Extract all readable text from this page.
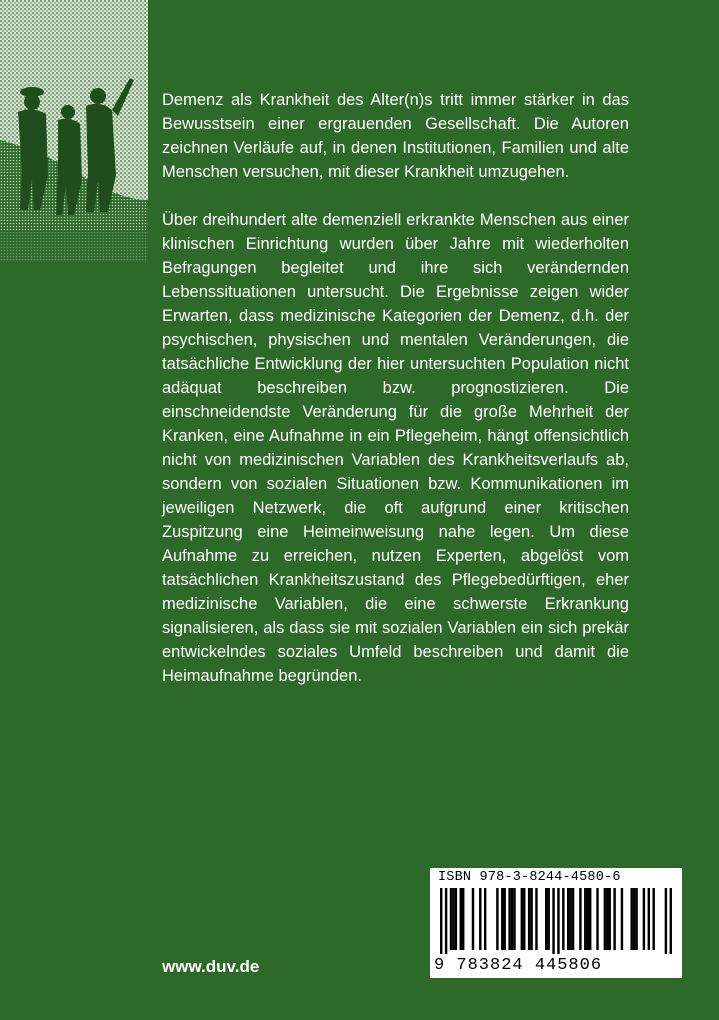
Demenz als Krankheit des Alter(n)s tritt immer stärker in das Bewusstsein einer ergrauenden Gesellschaft. Die Autoren zeichnen Verläufe auf, in denen Institutionen, Familien und alte Menschen versuchen, mit dieser Krankheit umzugehen.

Über dreihundert alte demenziell erkrankte Menschen aus einer klinischen Einrichtung wurden über Jahre mit wiederholten Befragungen begleitet und ihre sich verändernden Lebenssituationen untersucht. Die Ergebnisse zeigen wider Erwarten, dass medizinische Kategorien der Demenz, d.h. der psychischen, physischen und mentalen Veränderungen, die tatsächliche Entwicklung der hier untersuchten Population nicht adäquat beschreiben bzw. prognostizieren. Die einschneidendste Veränderung für die große Mehrheit der Kranken, eine Aufnahme in ein Pflegeheim, hängt offensichtlich nicht von medizinischen Variablen des Krankheitsverlaufs ab, sondern von sozialen Situationen bzw. Kommunikationen im jeweiligen Netzwerk, die oft aufgrund einer kritischen Zuspitzung eine Heimeinweisung nahe legen. Um diese Aufnahme zu erreichen, nutzen Experten, abgelöst vom tatsächlichen Krankheitszustand des Pflegebedürftigen, eher medizinische Variablen, die eine schwerste Erkrankung signalisieren, als dass sie mit sozialen Variablen ein sich prekär entwickelndes soziales Umfeld beschreiben und damit die Heimaufnahme begründen.

www.duv.de
ISBN 978-3-8244-4580-6
9 783824 445806
